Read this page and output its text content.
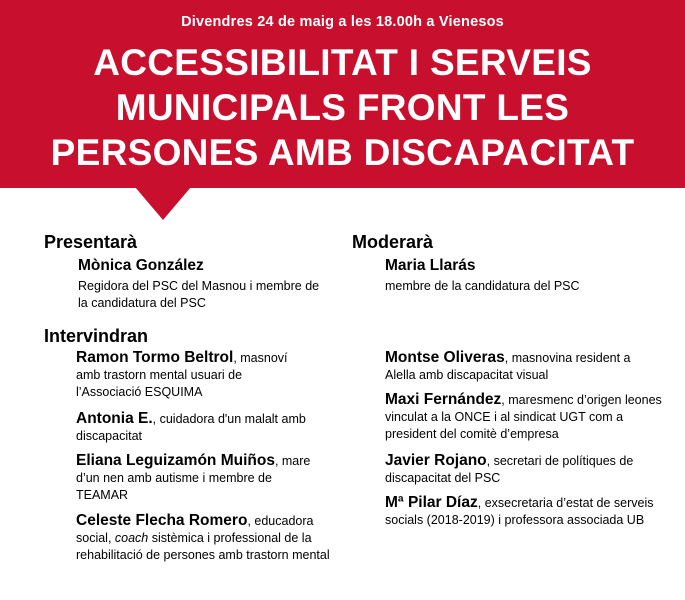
Divendres 24 de maig a les 18.00h a Vienesos
ACCESSIBILITAT I SERVEIS
MUNICIPALS FRONT LES
PERSONES AMB DISCAPACITAT
Presentarà
Mònica González
Regidora del PSC del Masnou i membre de
la candidatura del PSC
Moderarà
Maria Llarás
membre de la candidatura del PSC
Intervindran
Ramon Tormo Beltrol, masnoví amb trastorn mental usuari de l’Associació ESQUIMA
Antonia E., cuidadora d'un malalt amb discapacitat
Eliana Leguizamón Muiños, mare d’un nen amb autisme i membre de TEAMAR
Celeste Flecha Romero, educadora social, coach sistèmica i professional de la rehabilitació de persones amb trastorn mental
Montse Oliveras, masnovina resident a Alella amb discapacitat visual
Maxi Fernández, maresmenc d’origen leones vinculat a la ONCE i al sindicat UGT com a president del comitè d’empresa
Javier Rojano, secretari de polítiques de discapacitat del PSC
Mª Pilar Díaz, exsecretaria d’estat de serveis socials (2018-2019) i professora associada UB
